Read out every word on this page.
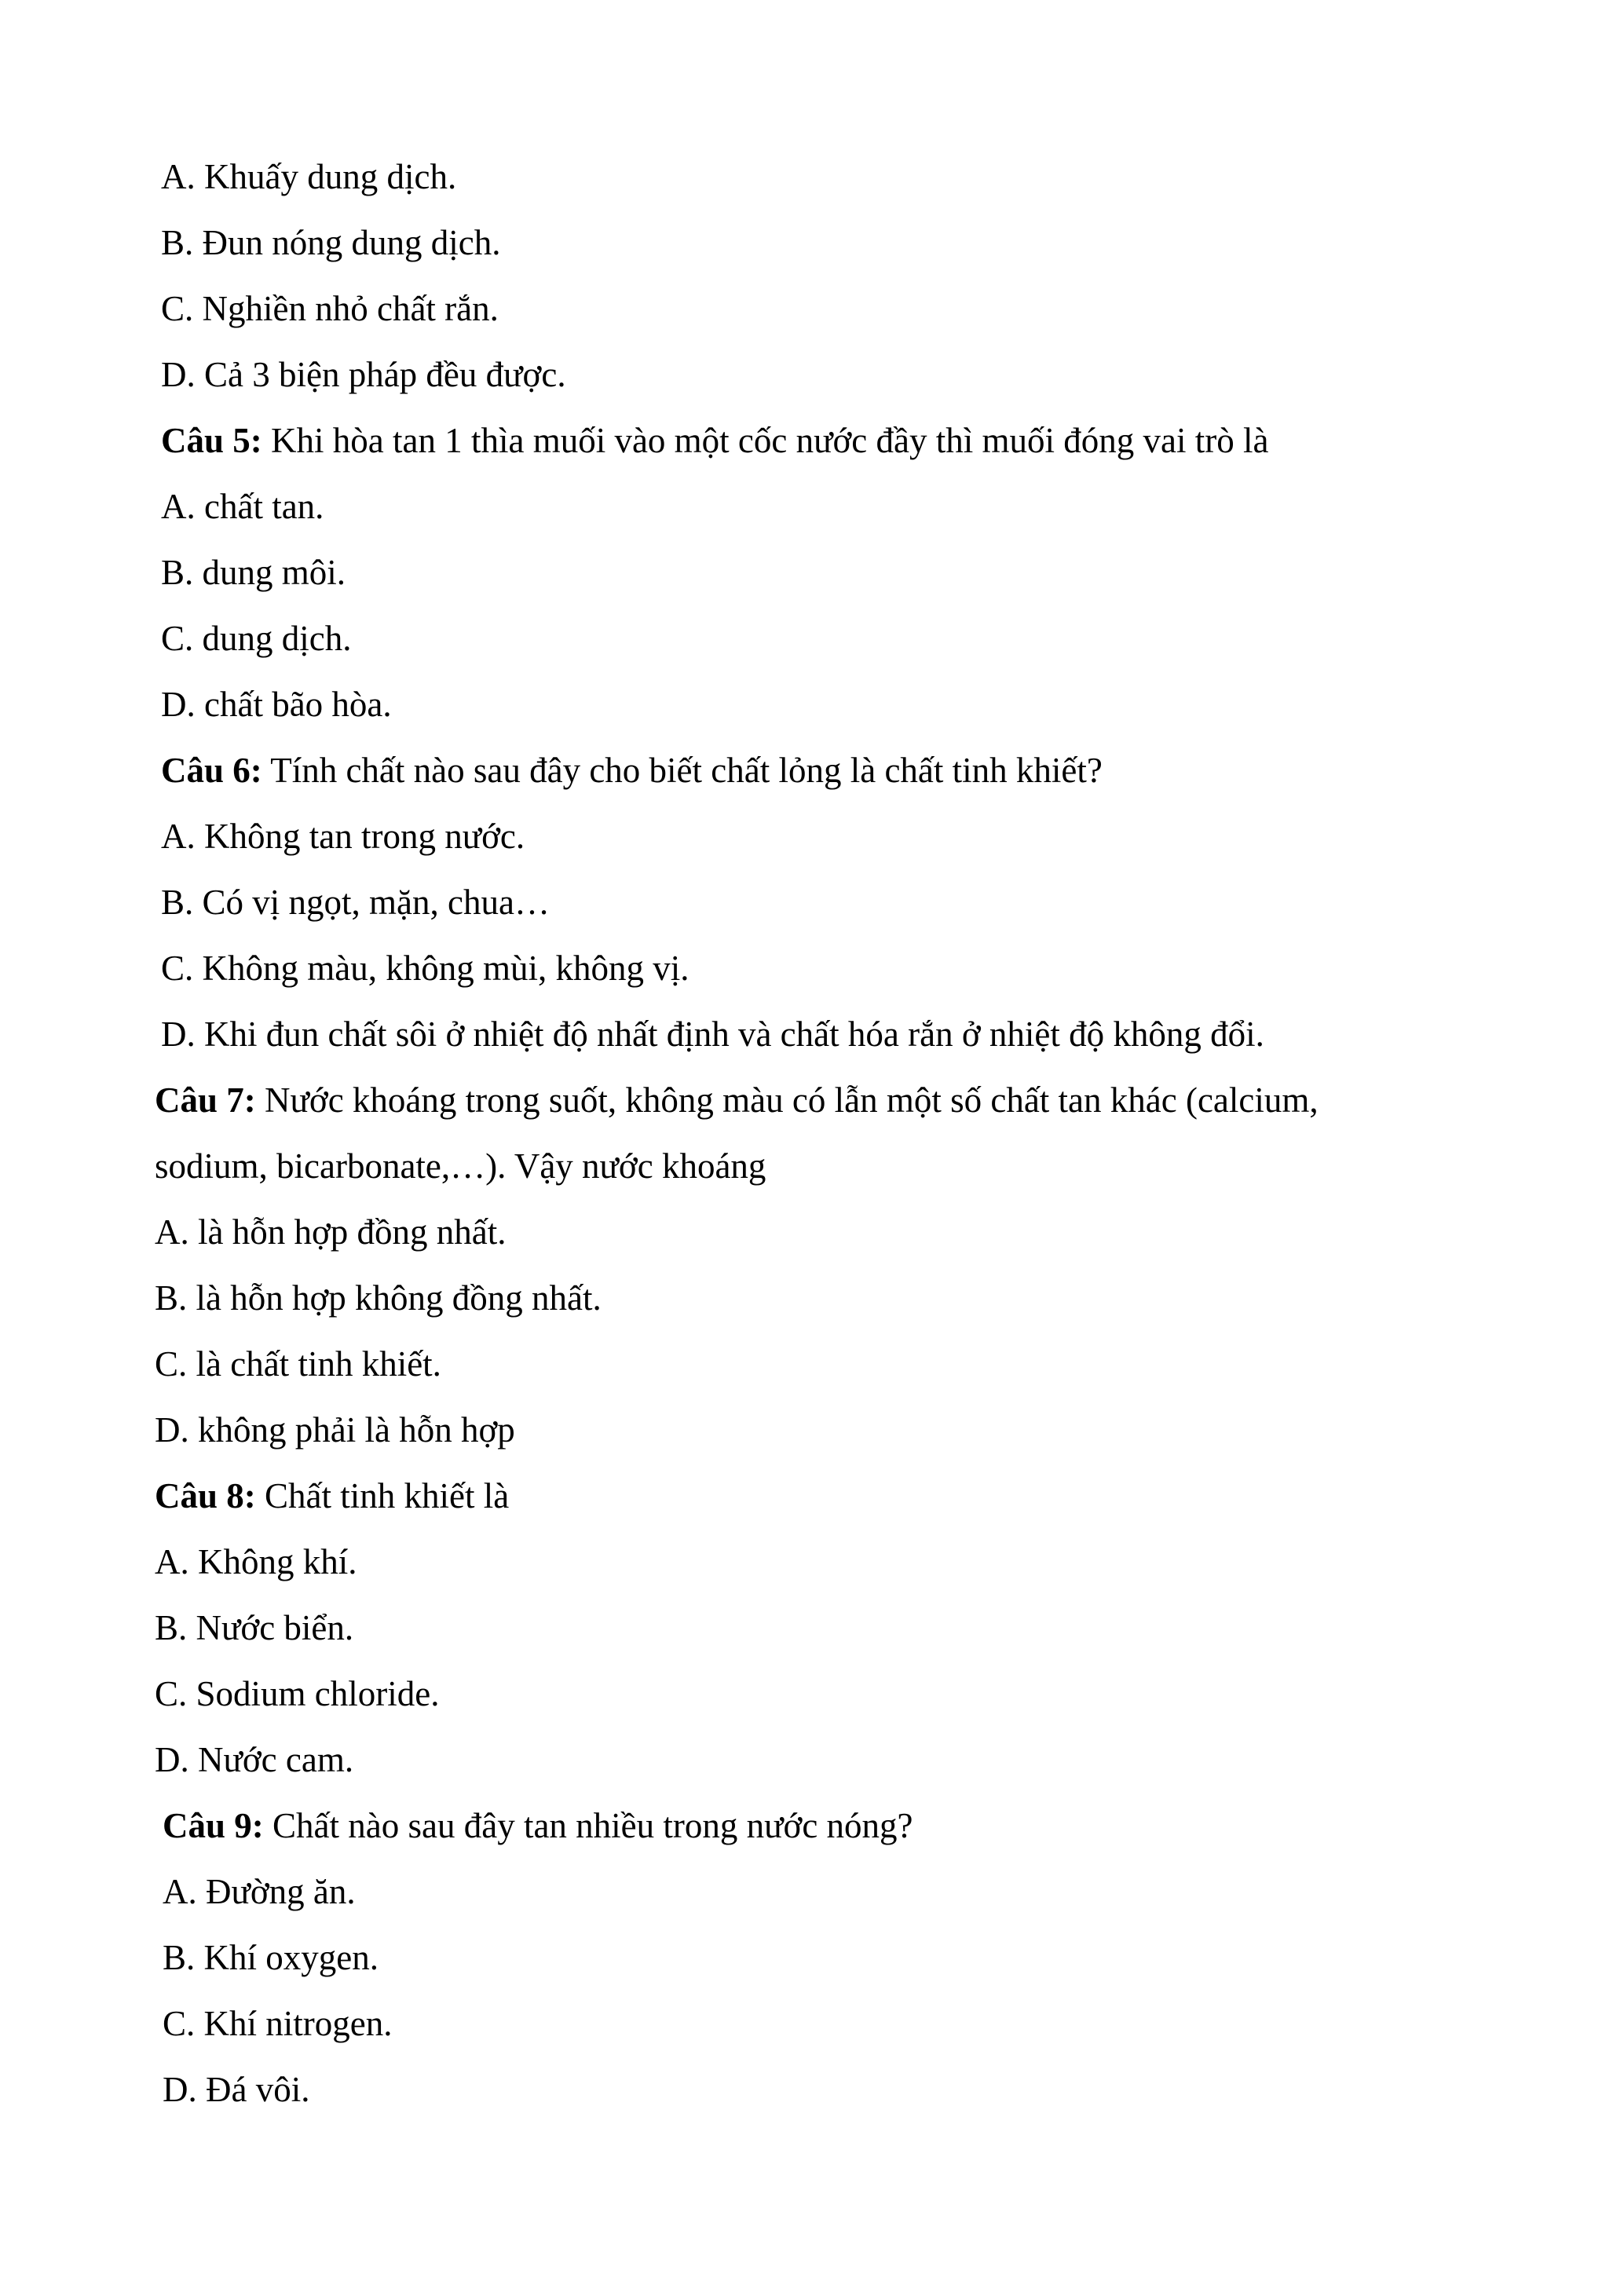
A. Khuấy dung dịch.
B. Đun nóng dung dịch.
C. Nghiền nhỏ chất rắn.
D. Cả 3 biện pháp đều được.
Câu 5: Khi hòa tan 1 thìa muối vào một cốc nước đầy thì muối đóng vai trò là
A. chất tan.
B. dung môi.
C. dung dịch.
D. chất bão hòa.
Câu 6: Tính chất nào sau đây cho biết chất lỏng là chất tinh khiết?
A. Không tan trong nước.
B. Có vị ngọt, mặn, chua…
C. Không màu, không mùi, không vị.
D. Khi đun chất sôi ở nhiệt độ nhất định và chất hóa rắn ở nhiệt độ không đổi.
Câu 7: Nước khoáng trong suốt, không màu có lẫn một số chất tan khác (calcium,
sodium, bicarbonate,…). Vậy nước khoáng
A. là hỗn hợp đồng nhất.
B. là hỗn hợp không đồng nhất.
C. là chất tinh khiết.
D. không phải là hỗn hợp
Câu 8: Chất tinh khiết là
A. Không khí.
B. Nước biển.
C. Sodium chloride.
D. Nước cam.
Câu 9: Chất nào sau đây tan nhiều trong nước nóng?
A. Đường ăn.
B. Khí oxygen.
C. Khí nitrogen.
D. Đá vôi.
